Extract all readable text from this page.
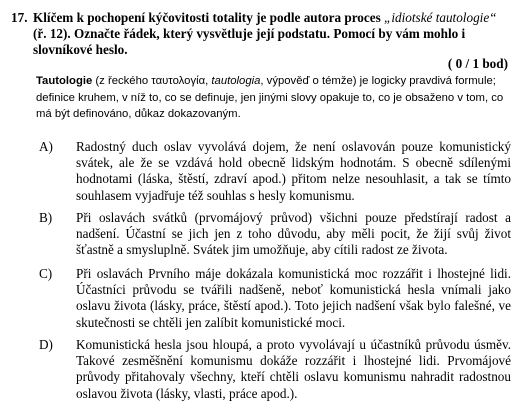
17. Klíčem k pochopení kýčovitosti totality je podle autora proces „idiotské tautologie“
(ř. 12). Označte řádek, který vysvětluje její podstatu. Pomocí by vám mohlo i
slovníkové heslo.
( 0 / 1 bod)
Tautologie (z řeckého ταυτολογία, tautologia, výpověď o témže) je logicky pravdivá formule; definice kruhem, v níž to, co se definuje, jen jinými slovy opakuje to, co je obsaženo v tom, co má být definováno, důkaz dokazovaným.
A)	Radostný duch oslav vyvolává dojem, že není oslavován pouze komunistický svátek, ale že se vzdává hold obecně lidským hodnotám. S obecně sdílenými hodnotami (láska, štěstí, zdraví apod.) přitom nelze nesouhlasit, a tak se tímto souhlasem vyjadřuje též souhlas s hesly komunismu.
B)	Při oslavách svátků (prvomájový průvod) všichni pouze předstírají radost a nadšení. Účastní se jich jen z toho důvodu, aby měli pocit, že žijí svůj život šťastně a smysluplně. Svátek jim umožňuje, aby cítili radost ze života.
C)	Při oslavách Prvního máje dokázala komunistická moc rozzářit i lhostejné lidi. Účastníci průvodu se tvářili nadšeně, neboť komunistická hesla vnímali jako oslavu života (lásky, práce, štěstí apod.). Toto jejich nadšení však bylo falešné, ve skutečnosti se chtěli jen zalíbit komunistické moci.
D)	Komunistická hesla jsou hloupá, a proto vyvolávají u účastníků průvodu úsměv. Takové zesměšnění komunismu dokáže rozzářit i lhostejné lidi. Prvomájové průvody přitahovaly všechny, kteří chtěli oslavu komunismu nahradit radostnou oslavou života (lásky, vlasti, práce apod.).
